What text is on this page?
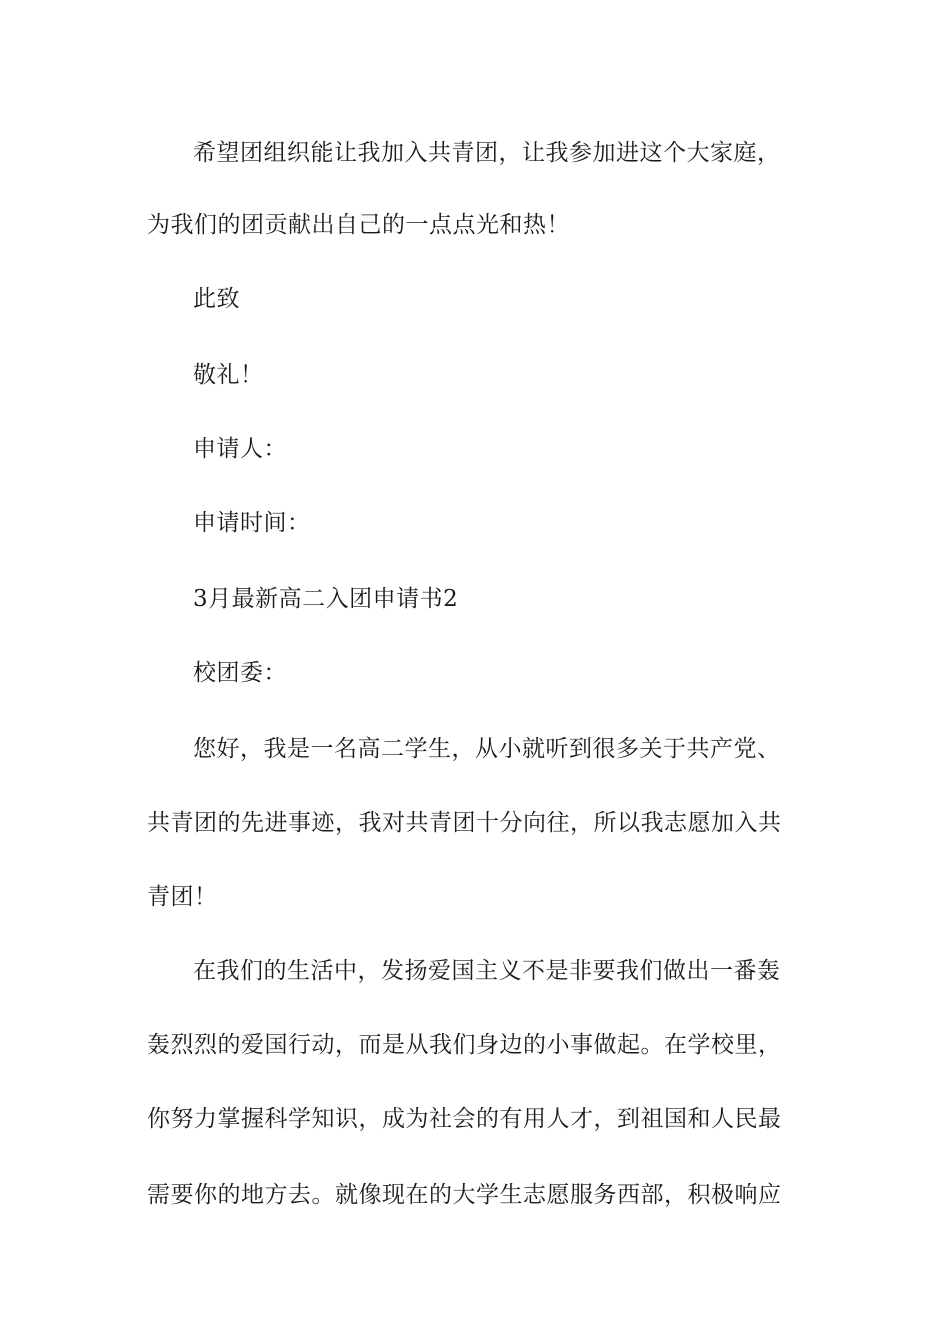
希望团组织能让我加入共青团，让我参加进这个大家庭，
为我们的团贡献出自己的一点点光和热！
此致
敬礼！
申请人：
申请时间：
3月最新高二入团申请书2
校团委：
您好，我是一名高二学生，从小就听到很多关于共产党、
共青团的先进事迹，我对共青团十分向往，所以我志愿加入共
青团！
在我们的生活中，发扬爱国主义不是非要我们做出一番轰
轰烈烈的爱国行动，而是从我们身边的小事做起。在学校里，
你努力掌握科学知识，成为社会的有用人才，到祖国和人民最
需要你的地方去。就像现在的大学生志愿服务西部，积极响应
